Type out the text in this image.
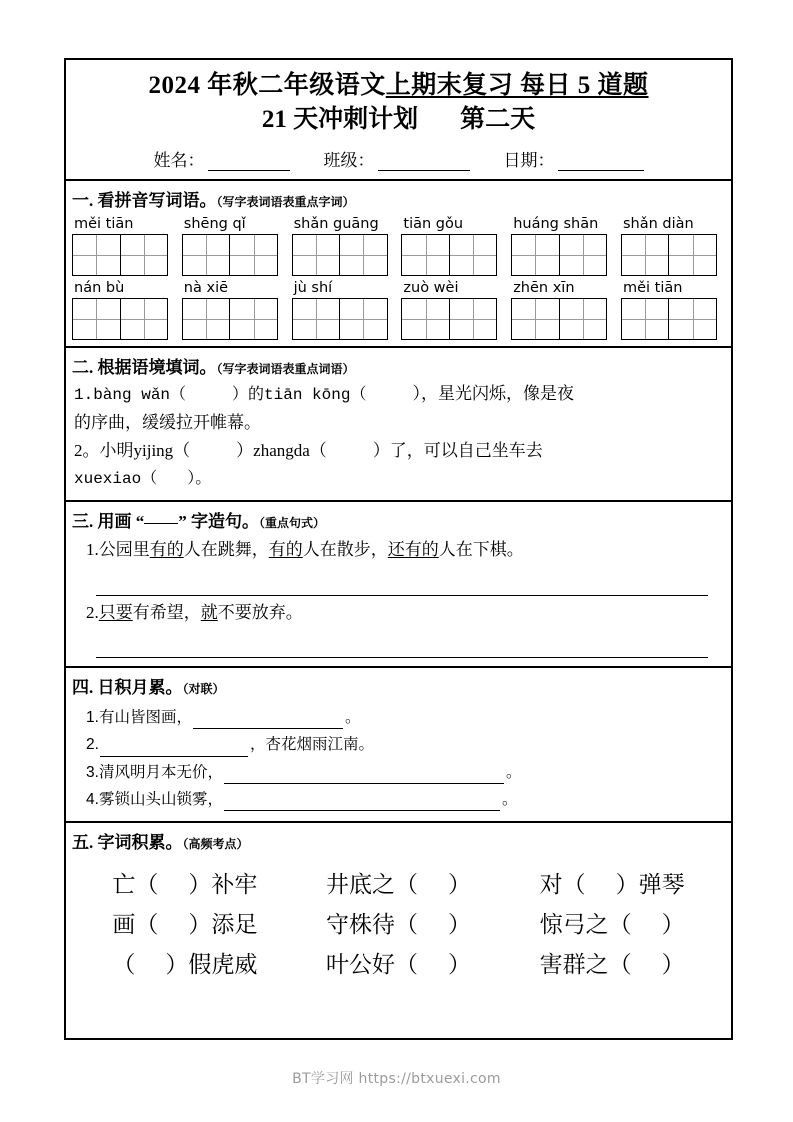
2024 年秋二年级语文上期末复习 每日 5 道题
21 天冲刺计划 第二天
姓名：	班级：	日期：
一. 看拼音写词语。（写字表词语表重点字词）
měi tiān	shēng qǐ	shǎn guāng	tiān gǒu	huáng shān	shǎn diàn
nán bù	nà xiē	jù shí	zuò wèi	zhēn xīn	měi tiān
二. 根据语境填词。（写字表词语表重点词语）

1.bàng wǎn（	）的tiān kōng（	），星光闪烁，像是夜

的序曲，缓缓拉开帷幕。

2。小明yijing（	）zhangda（	）了，可以自己坐车去

xuexiao（ ）。

三. 用画 “ ” 字造句。（重点句式）
1.公园里有的人在跳舞，有的人在散步，还有的人在下棋。
2.只要有希望，就不要放弃。
四. 日积月累。（对联）
1. 有山皆图画，	。
2.	，杏花烟雨江南。
3. 清风明月本无价，	。
4. 雾锁山头山锁雾，	。
五. 字词积累。（高频考点）
亡（ ）补牢	井底之（ ）	对（ ）弹琴
画（ ）添足	守株待（ ）	惊弓之（ ）
（ ）假虎威	叶公好（ ）	害群之（ ）
BT学习网 https://btxuexi.com
